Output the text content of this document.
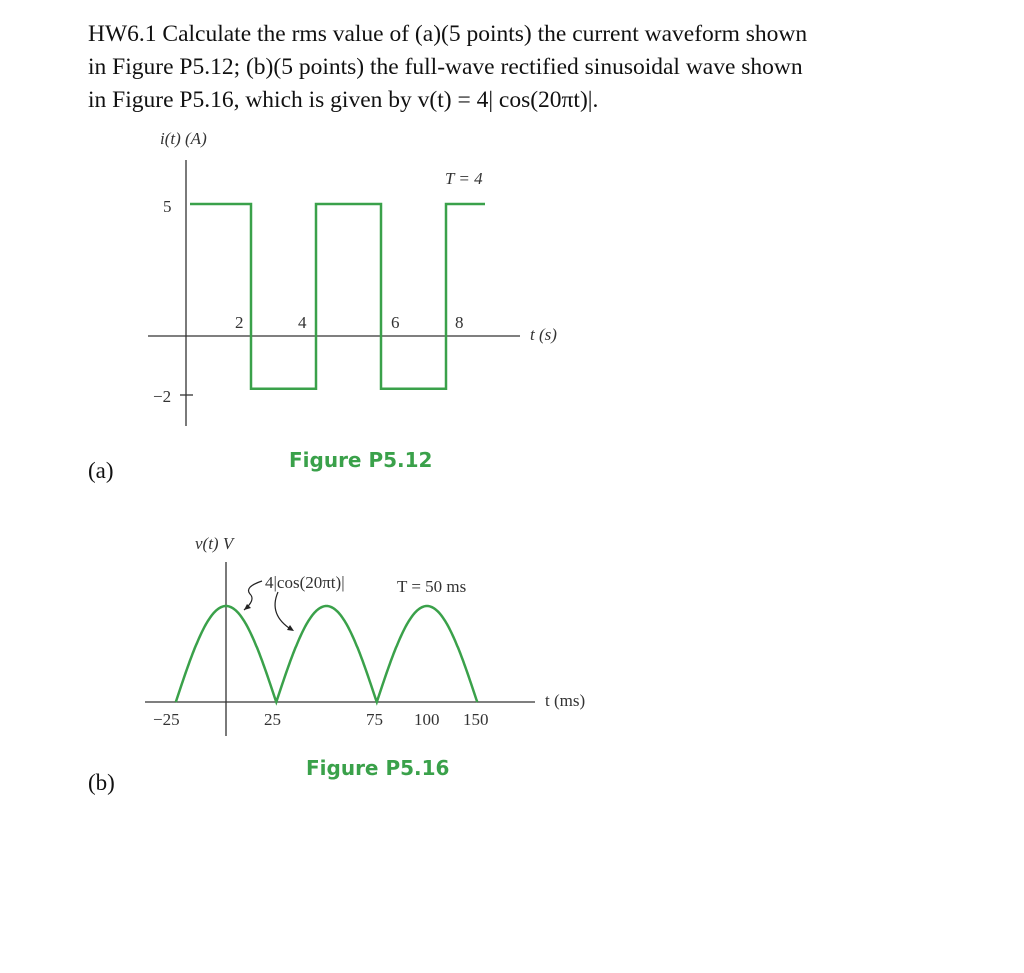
HW6.1 Calculate the rms value of (a)(5 points) the current waveform shown
in Figure P5.12; (b)(5 points) the full-wave rectified sinusoidal wave shown
in Figure P5.16, which is given by v(t) = 4| cos(20πt)|.
(a)
(b)
i(t) (A)
t (s)
T = 4
5
−2
2	4	6	8
Figure P5.12
v(t) V
t (ms)
4|cos(20πt)|	T = 50 ms
−25	25	75 100 150
Figure P5.16
